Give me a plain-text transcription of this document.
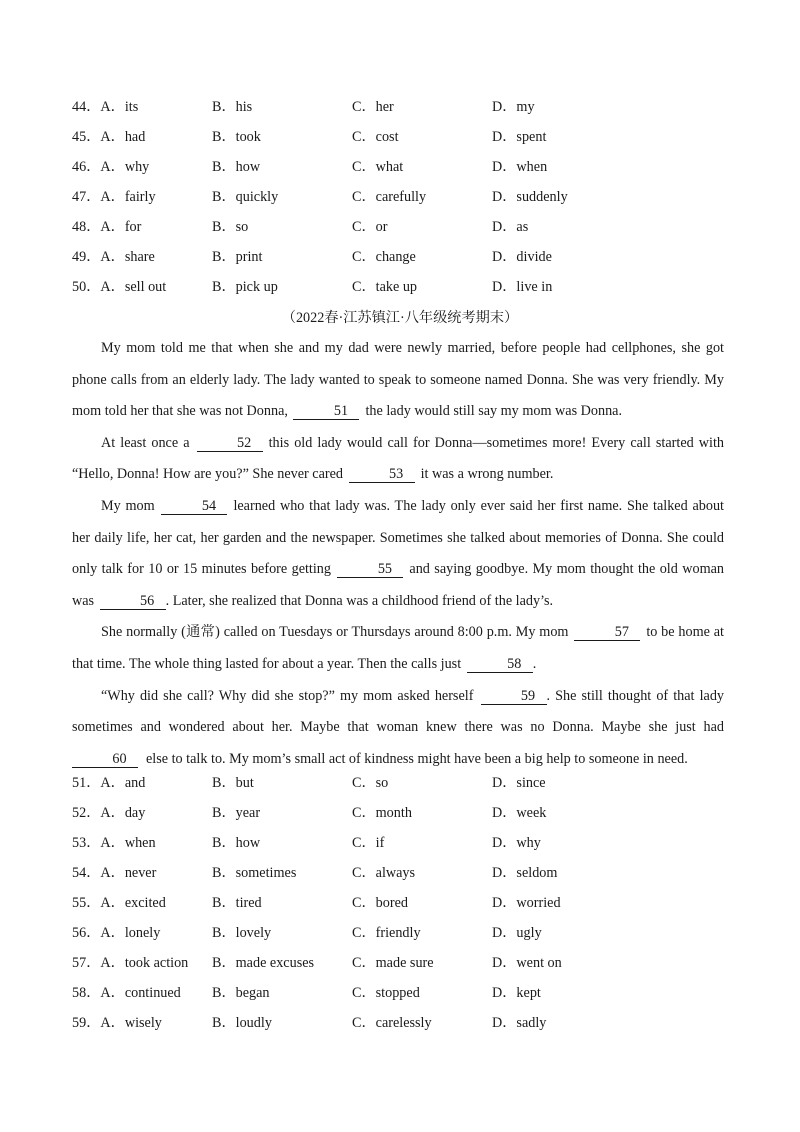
44．A．its	B．his	C．her	D．my
45．A．had	B．took	C．cost	D．spent
46．A．why	B．how	C．what	D．when
47．A．fairly	B．quickly	C．carefully	D．suddenly
48．A．for	B．so	C．or	D．as
49．A．share	B．print	C．change	D．divide
50．A．sell out	B．pick up	C．take up	D．live in
（2022春·江苏镇江·八年级统考期末）

My mom told me that when she and my dad were newly married, before people had cellphones, she got phone calls from an elderly lady. The lady wanted to speak to someone named Donna. She was very friendly. My mom told her that she was not Donna,	51 the lady would still say my mom was Donna.

At least once a	52 this old lady would call for Donna—sometimes more! Every call started with “Hello, Donna! How are you?” She never cared	53 it was a wrong number.

My mom	54 learned who that lady was. The lady only ever said her first name. She talked about her daily life, her cat, her garden and the newspaper. Sometimes she talked about memories of Donna. She could only talk for 10 or 15 minutes before getting	55 and saying goodbye. My mom thought the old woman was	56 . Later, she realized that Donna was a childhood friend of the lady’s.

She normally (通常) called on Tuesdays or Thursdays around 8:00 p.m. My mom	57 to be home at that time. The whole thing lasted for about a year. Then the calls just	58 .

“Why did she call? Why did she stop?” my mom asked herself	59 . She still thought of that lady sometimes and wondered about her. Maybe that woman knew there was no Donna. Maybe she just had 60 else to talk to. My mom’s small act of kindness might have been a big help to someone in need.

51．A．and	B．but	C．so	D．since
52．A．day	B．year	C．month	D．week
53．A．when	B．how	C．if	D．why
54．A．never	B．sometimes	C．always	D．seldom
55．A．excited	B．tired	C．bored	D．worried
56．A．lonely	B．lovely	C．friendly	D．ugly
57．A．took action B．made excuses	C．made sure	D．went on
58．A．continued B．began	C．stopped	D．kept
59．A．wisely	B．loudly	C．carelessly	D．sadly
